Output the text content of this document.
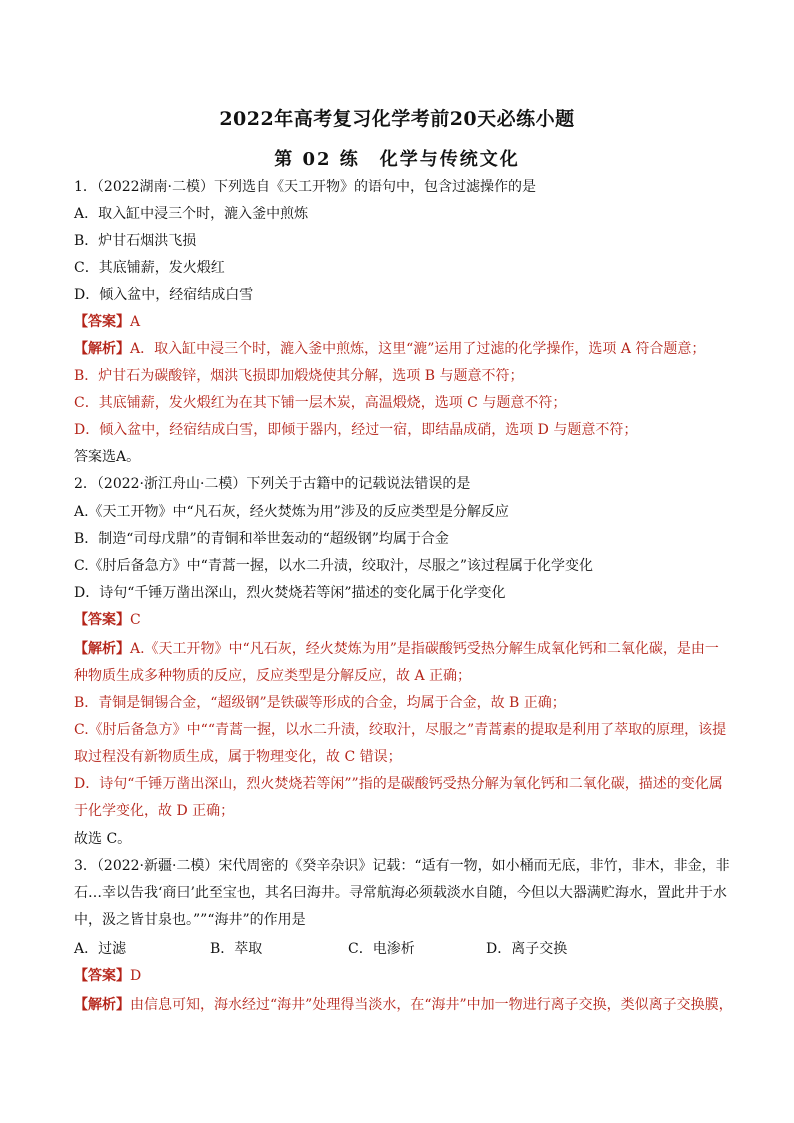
2022年高考复习化学考前20天必练小题
第 02 练　化学与传统文化
1．（2022湖南·二模）下列选自《天工开物》的语句中，包含过滤操作的是
A．取入缸中浸三个时，漉入釜中煎炼
B．炉甘石烟洪飞损
C．其底铺薪，发火煅红
D．倾入盆中，经宿结成白雪
【答案】A
【解析】A．取入缸中浸三个时，漉入釜中煎炼，这里“漉”运用了过滤的化学操作，选项 A 符合题意；
B．炉甘石为碳酸锌，烟洪飞损即加煅烧使其分解，选项 B 与题意不符；
C．其底铺薪，发火煅红为在其下铺一层木炭，高温煅烧，选项 C 与题意不符；
D．倾入盆中，经宿结成白雪，即倾于器内，经过一宿，即结晶成硝，选项 D 与题意不符；
答案选A。
2．（2022·浙江舟山·二模）下列关于古籍中的记载说法错误的是
A.《天工开物》中“凡石灰，经火焚炼为用”涉及的反应类型是分解反应
B．制造“司母戊鼎”的青铜和举世轰动的“超级钢”均属于合金
C.《肘后备急方》中“青蒿一握，以水二升渍，绞取汁，尽服之”该过程属于化学变化
D．诗句“千锤万凿出深山，烈火焚烧若等闲”描述的变化属于化学变化
【答案】C
【解析】A.《天工开物》中“凡石灰，经火焚炼为用”是指碳酸钙受热分解生成氧化钙和二氧化碳，是由一
种物质生成多种物质的反应，反应类型是分解反应，故 A 正确；
B．青铜是铜锡合金，“超级钢”是铁碳等形成的合金，均属于合金，故 B 正确；
C.《肘后备急方》中““青蒿一握，以水二升渍，绞取汁，尽服之”青蒿素的提取是利用了萃取的原理，该提
取过程没有新物质生成，属于物理变化，故 C 错误；
D．诗句“千锤万凿出深山，烈火焚烧若等闲””指的是碳酸钙受热分解为氧化钙和二氧化碳，描述的变化属
于化学变化，故 D 正确；
故选 C。
3．（2022·新疆·二模）宋代周密的《癸辛杂识》记载：“适有一物，如小桶而无底，非竹，非木，非金，非
石…幸以告我‘商曰’此至宝也，其名曰海井。寻常航海必须载淡水自随，今但以大器满贮海水，置此井于水
中，汲之皆甘泉也。””“海井”的作用是
A．过滤	B．萃取	C．电渗析	D．离子交换
【答案】D
【解析】由信息可知，海水经过“海井”处理得当淡水，在“海井”中加一物进行离子交换，类似离子交换膜，
